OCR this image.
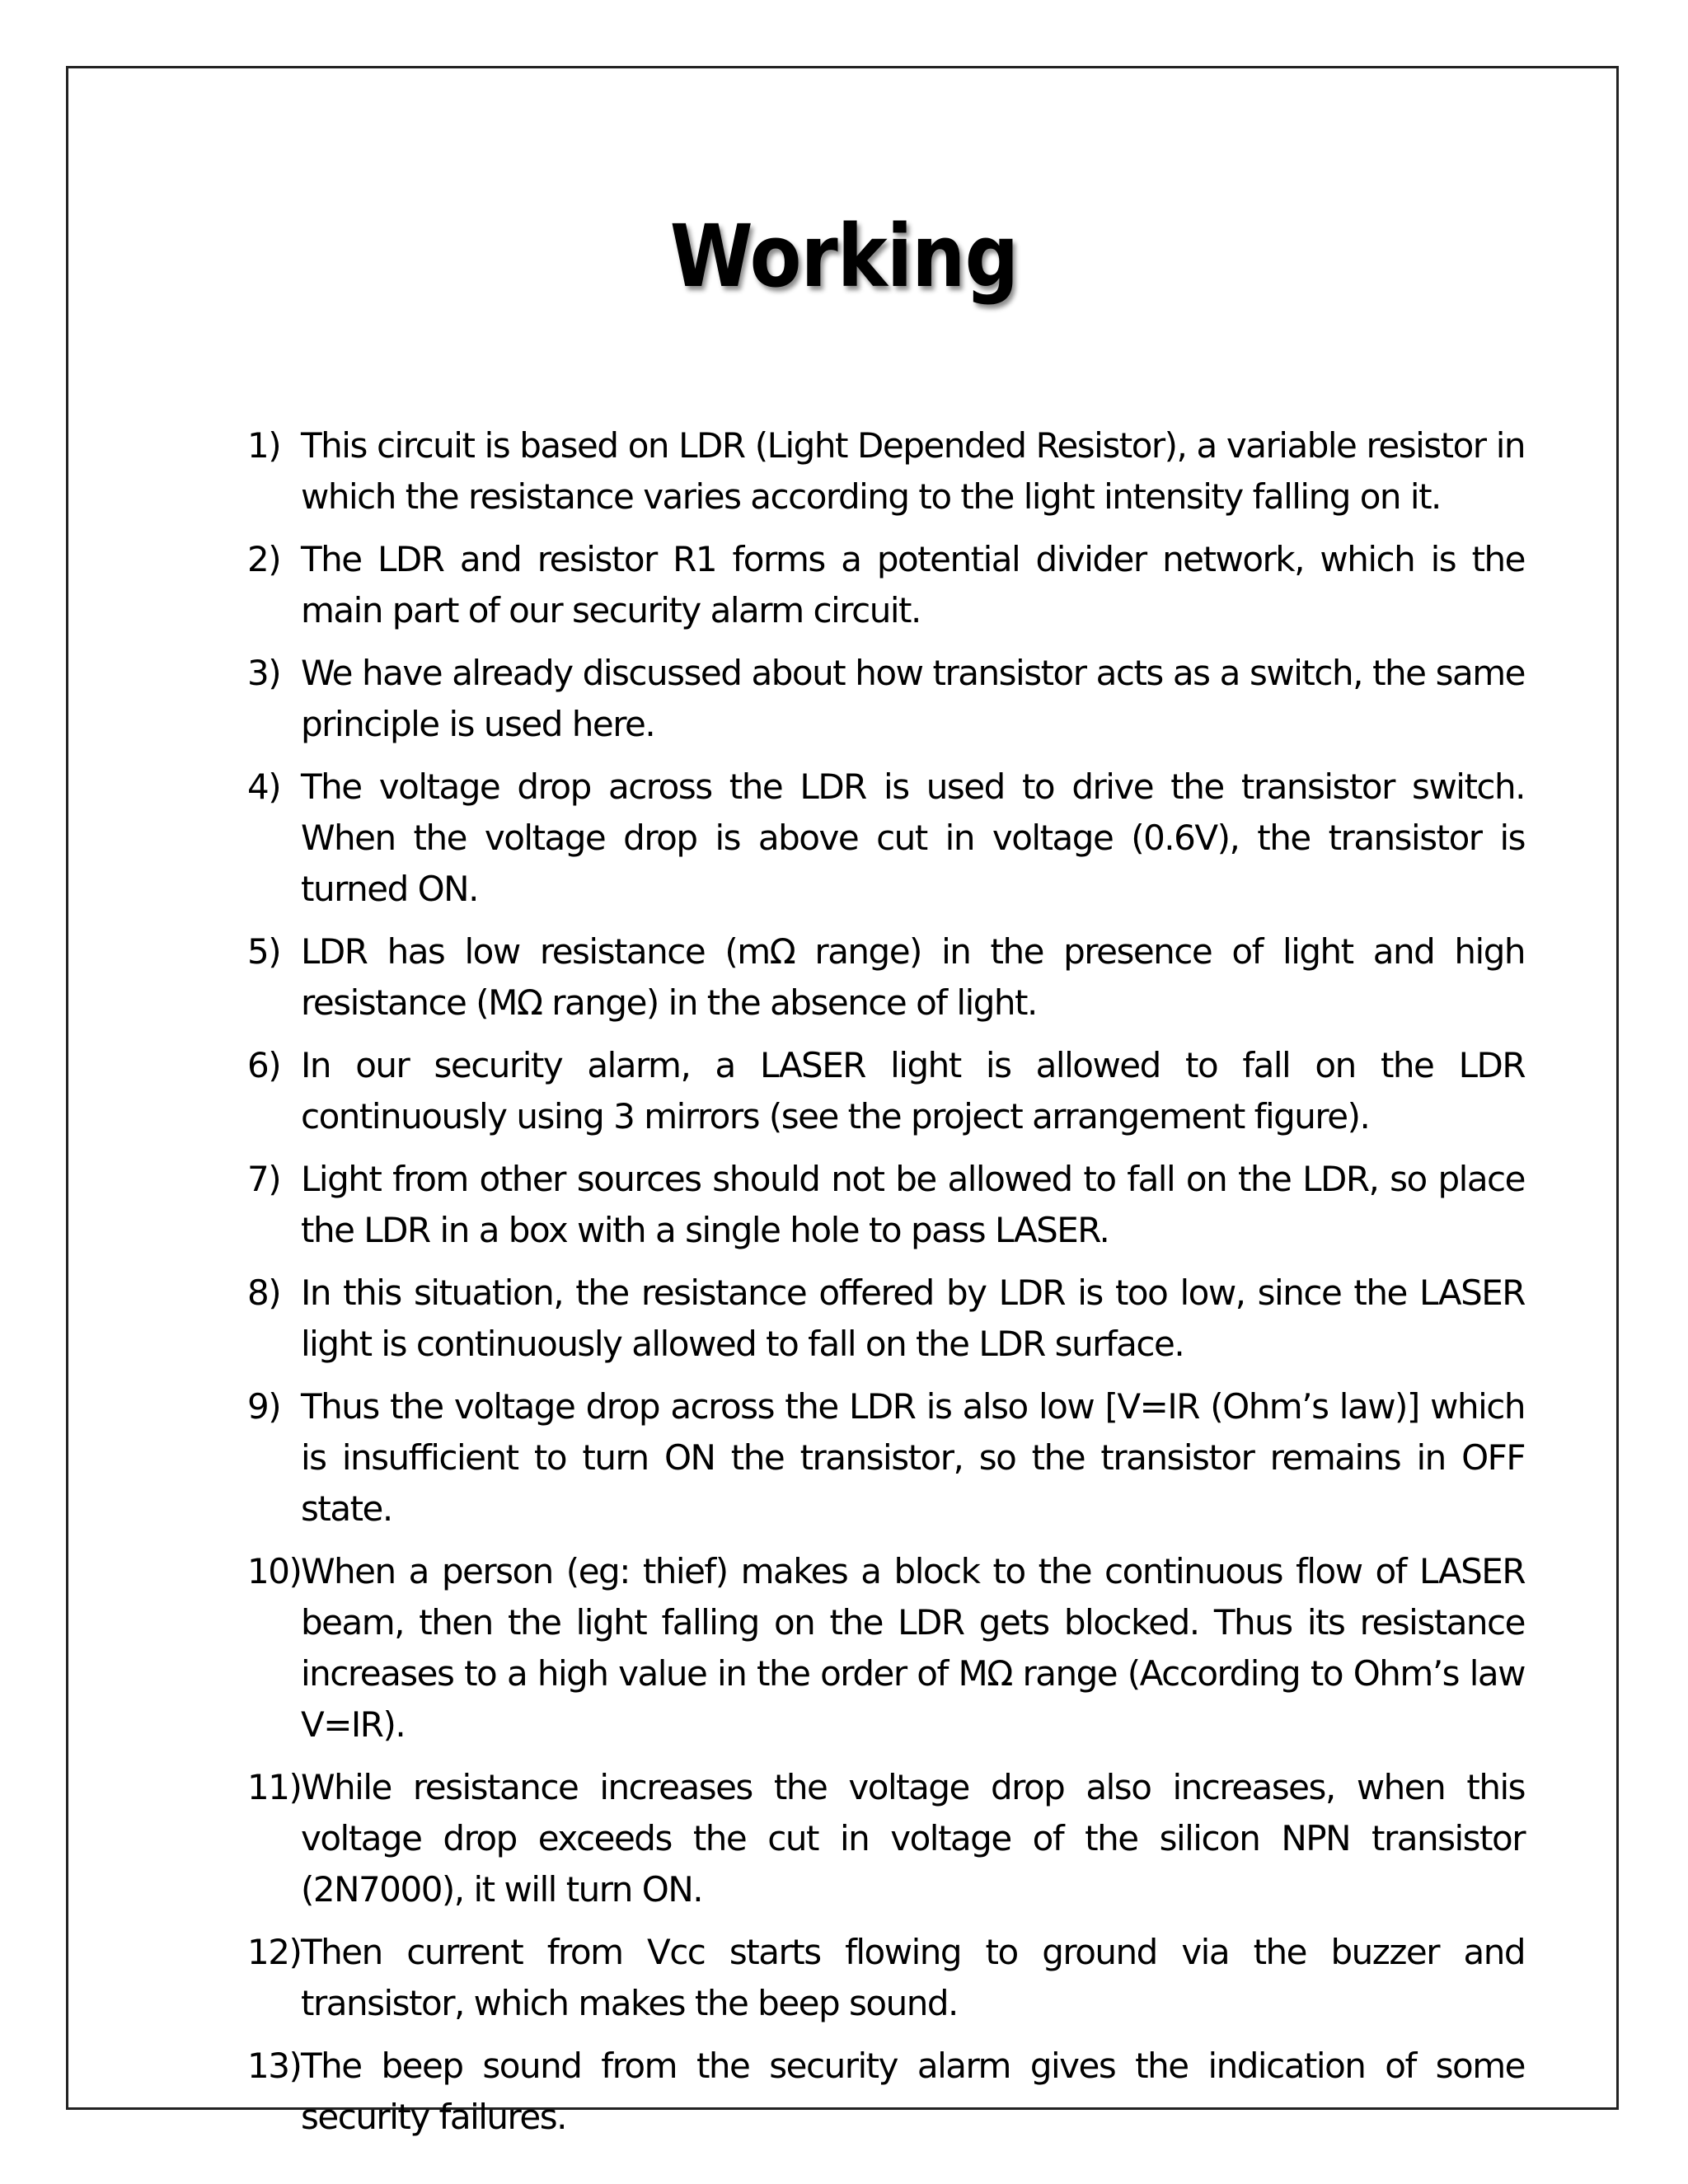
Working
1) This circuit is based on LDR (Light Depended Resistor), a variable resistor in which the resistance varies according to the light intensity falling on it.
2) The LDR and resistor R1 forms a potential divider network, which is the main part of our security alarm circuit.
3) We have already discussed about how transistor acts as a switch, the same principle is used here.
4) The voltage drop across the LDR is used to drive the transistor switch. When the voltage drop is above cut in voltage (0.6V), the transistor is turned ON.
5) LDR has low resistance (mΩ range) in the presence of light and high resistance (MΩ range) in the absence of light.
6) In our security alarm, a LASER light is allowed to fall on the LDR continuously using 3 mirrors (see the project arrangement figure).
7) Light from other sources should not be allowed to fall on the LDR, so place the LDR in a box with a single hole to pass LASER.
8) In this situation, the resistance offered by LDR is too low, since the LASER light is continuously allowed to fall on the LDR surface.
9) Thus the voltage drop across the LDR is also low [V=IR (Ohm’s law)] which is insufficient to turn ON the transistor, so the transistor remains in OFF state.
10) When a person (eg: thief) makes a block to the continuous flow of LASER beam, then the light falling on the LDR gets blocked. Thus its resistance increases to a high value in the order of MΩ range (According to Ohm’s law V=IR).
11) While resistance increases the voltage drop also increases, when this voltage drop exceeds the cut in voltage of the silicon NPN transistor (2N7000), it will turn ON.
12) Then current from Vcc starts flowing to ground via the buzzer and transistor, which makes the beep sound.
13) The beep sound from the security alarm gives the indication of some security failures.
